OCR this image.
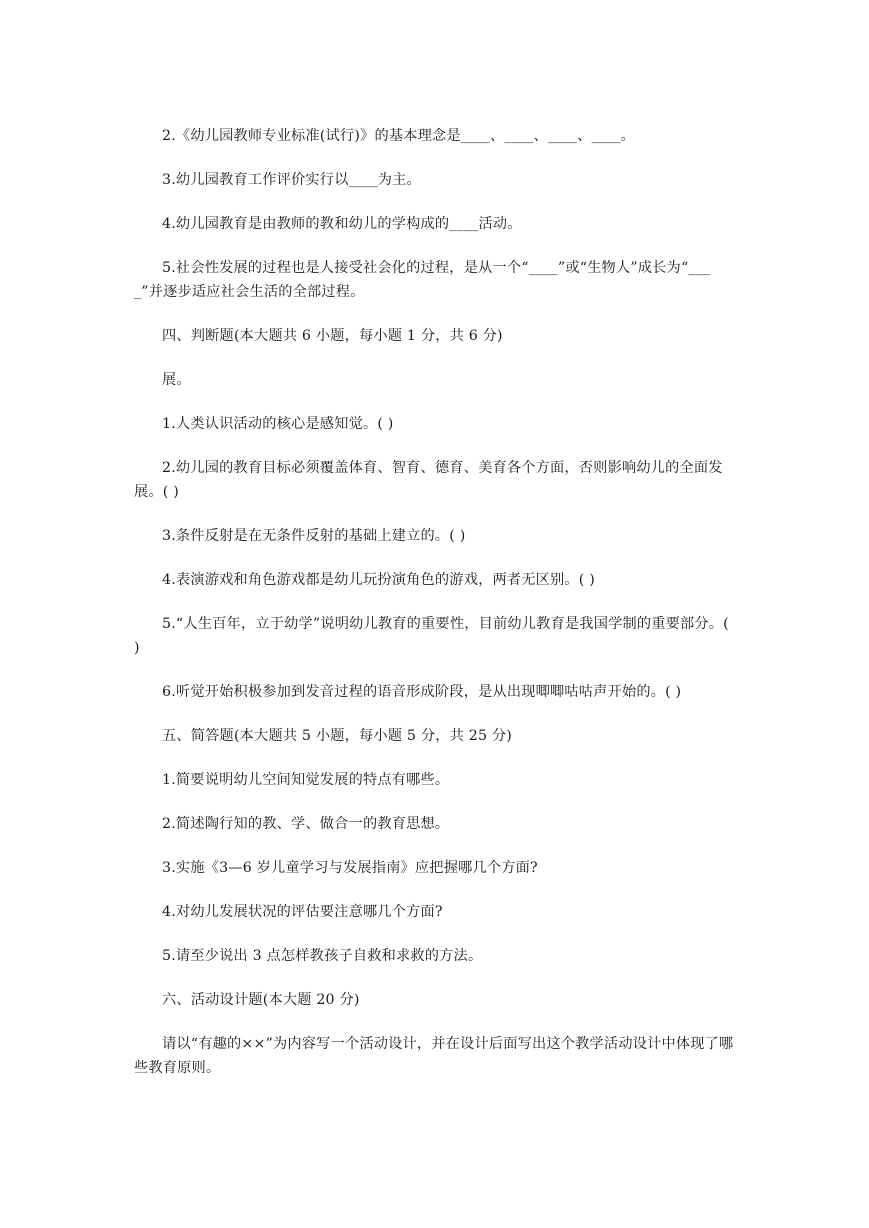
2.《幼儿园教师专业标准(试行)》的基本理念是____、____、____、____。

3.幼儿园教育工作评价实行以____为主。

4.幼儿园教育是由教师的教和幼儿的学构成的____活动。

5.社会性发展的过程也是人接受社会化的过程，是从一个“____”或“生物人”成长为“____”并逐步适应社会生活的全部过程。

四、判断题(本大题共 6 小题，每小题 1 分，共 6 分)

展。

1.人类认识活动的核心是感知觉。( )

2.幼儿园的教育目标必须覆盖体育、智育、德育、美育各个方面，否则影响幼儿的全面发展。( )

3.条件反射是在无条件反射的基础上建立的。( )

4.表演游戏和角色游戏都是幼儿玩扮演角色的游戏，两者无区别。( )

5.“人生百年，立于幼学”说明幼儿教育的重要性，目前幼儿教育是我国学制的重要部分。( )

6.听觉开始积极参加到发音过程的语音形成阶段，是从出现唧唧咕咕声开始的。( )

五、简答题(本大题共 5 小题，每小题 5 分，共 25 分)

1.简要说明幼儿空间知觉发展的特点有哪些。

2.简述陶行知的教、学、做合一的教育思想。

3.实施《3—6 岁儿童学习与发展指南》应把握哪几个方面?

4.对幼儿发展状况的评估要注意哪几个方面?

5.请至少说出 3 点怎样教孩子自救和求救的方法。

六、活动设计题(本大题 20 分)

请以“有趣的××”为内容写一个活动设计，并在设计后面写出这个教学活动设计中体现了哪些教育原则。
